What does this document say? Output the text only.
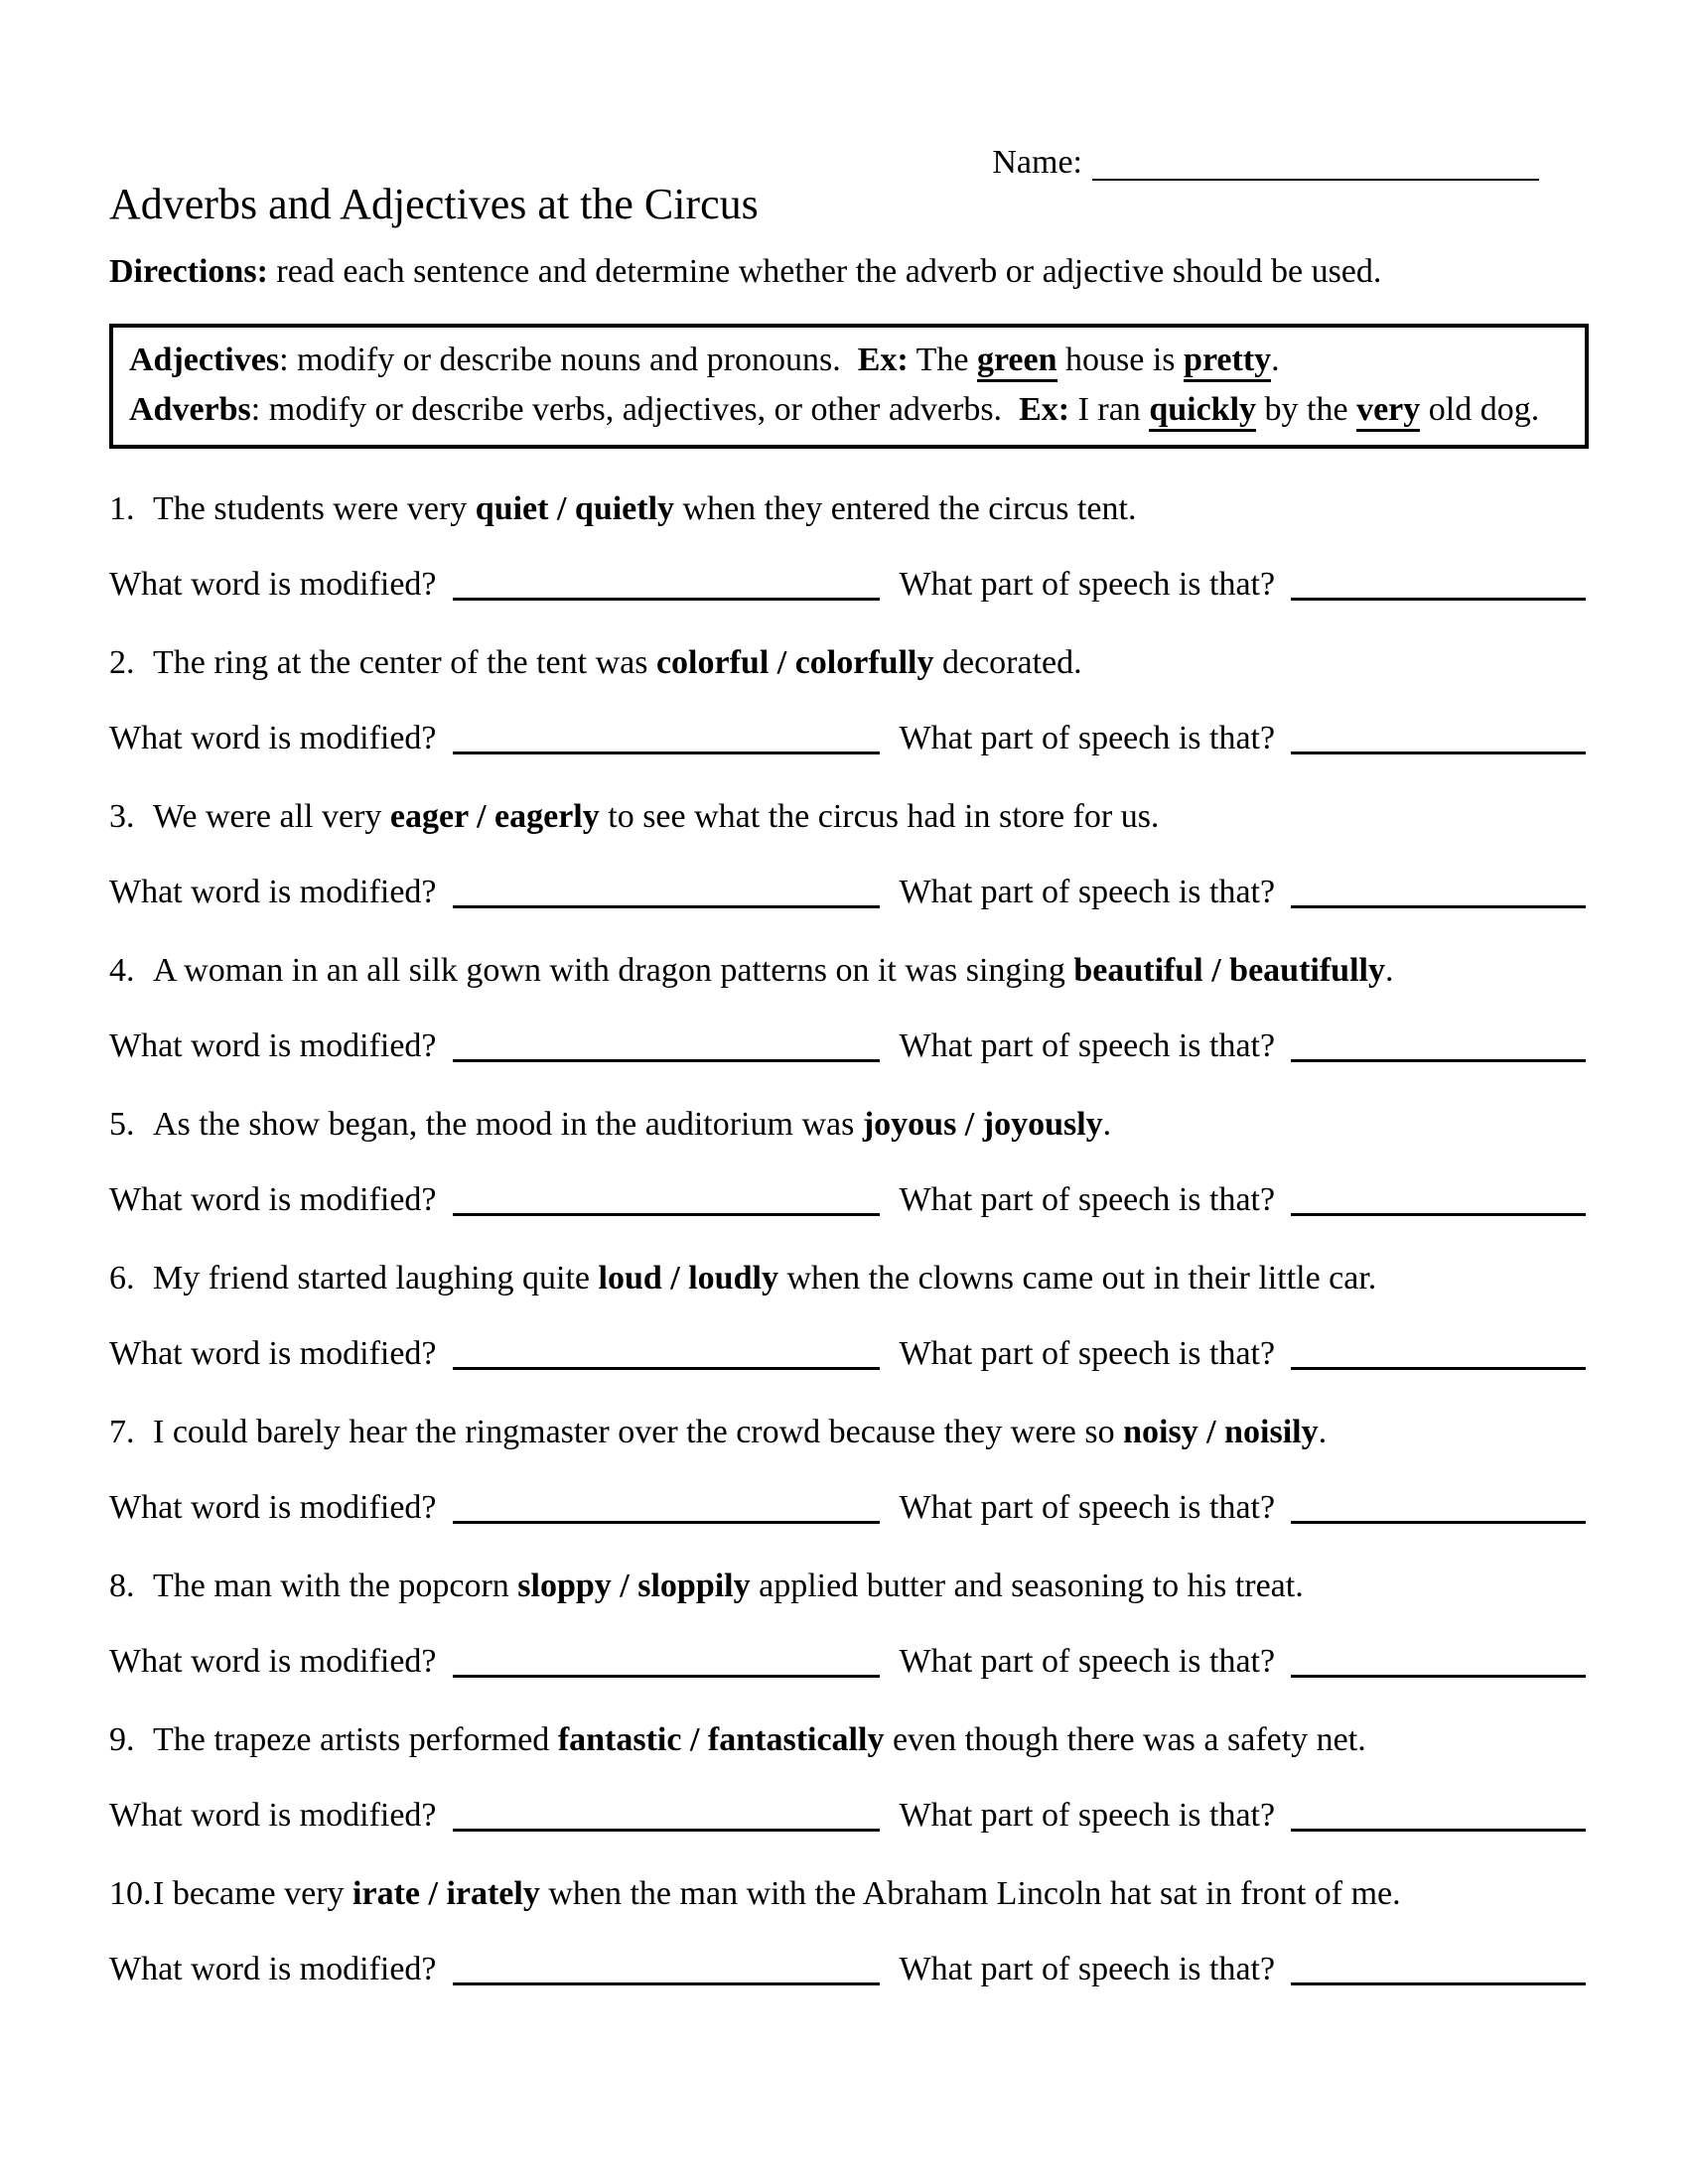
Name:
Adverbs and Adjectives at the Circus

Directions: read each sentence and determine whether the adverb or adjective should be used.

Adjectives: modify or describe nouns and pronouns.  Ex: The green house is pretty.

Adverbs: modify or describe verbs, adjectives, or other adverbs.  Ex: I ran quickly by the very old dog.

1. The students were very quiet / quietly when they entered the circus tent.

What word is modified?	What part of speech is that?

2. The ring at the center of the tent was colorful / colorfully decorated.

What word is modified?	What part of speech is that?

3. We were all very eager / eagerly to see what the circus had in store for us.

What word is modified?	What part of speech is that?

4. A woman in an all silk gown with dragon patterns on it was singing beautiful / beautifully.

What word is modified?	What part of speech is that?

5. As the show began, the mood in the auditorium was joyous / joyously.

What word is modified?	What part of speech is that?

6. My friend started laughing quite loud / loudly when the clowns came out in their little car.

What word is modified?	What part of speech is that?

7. I could barely hear the ringmaster over the crowd because they were so noisy / noisily.

What word is modified?	What part of speech is that?

8. The man with the popcorn sloppy / sloppily applied butter and seasoning to his treat.

What word is modified?	What part of speech is that?

9. The trapeze artists performed fantastic / fantastically even though there was a safety net.

What word is modified?	What part of speech is that?

10.I became very irate / irately when the man with the Abraham Lincoln hat sat in front of me.

What word is modified?	What part of speech is that?
